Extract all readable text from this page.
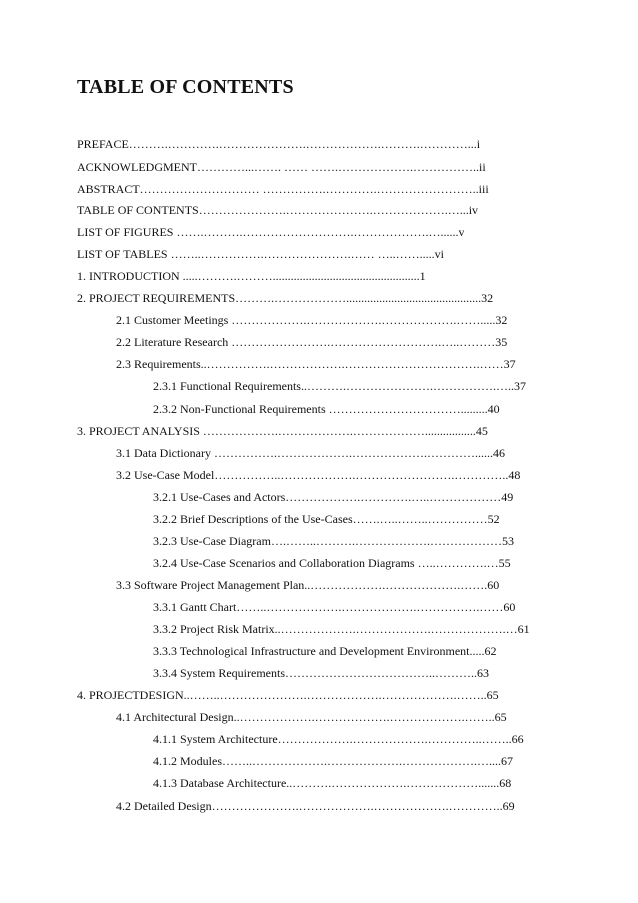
TABLE OF CONTENTS
PREFACE……….………….………………….……………….……….…………...i
ACKNOWLEDGMENT…………...……. …… …….……………….……………..ii
ABSTRACT………………………… …………….………….……………………..iii
TABLE OF CONTENTS………………….………………….……………….…...iv
LIST OF FIGURES …….……….……………………….……………….…......v
LIST OF TABLES ……..…………….………………….…… …..…….....vi
1. INTRODUCTION .....……….……….................................................1
2. PROJECT REQUIREMENTS……….……………….............................................32
2.1 Customer Meetings ……………….……………….……………….…….....32
2.2 Literature Research …………………….……………………….…..………35
2.3 Requirements..…………….……………….…………………………….……37
2.3.1 Functional Requirements..……….………………….…………….…..37
2.3.2 Non-Functional Requirements …………………………….........40
3. PROJECT ANALYSIS ……………….……………….……………….................45
3.1 Data Dictionary …………….……………….……………….…………......46
3.2 Use-Case Model……………..……………….…………………….…………..48
3.2.1 Use-Cases and Actors……………….………….…..………………49
3.2.2 Brief Descriptions of the Use-Cases…….…..……..……………52
3.2.3 Use-Case Diagram….……..……….……………….………………53
3.2.4 Use-Case Scenarios and Collaboration Diagrams …..………….…55
3.3 Software Project Management Plan..……………….……………….…….60
3.3.1 Gantt Chart……..……………….……………….…………….……60
3.3.2 Project Risk Matrix..……………….……………….……………….…61
3.3.3 Technological Infrastructure and Development Environment.....62
3.3.4 System Requirements………………………………..………..63
4. PROJECTDESIGN..……..………………….……………….……………….……..65
4.1 Architectural Design..……………….……………….……………….……..65
4.1.1 System Architecture……………….……………….…………..……..66
4.1.2 Modules……..……………….……………….……………….…....67
4.1.3 Database Architecture..……….……………….……………….......68
4.2 Detailed Design………………….……………….……………….…………..69
